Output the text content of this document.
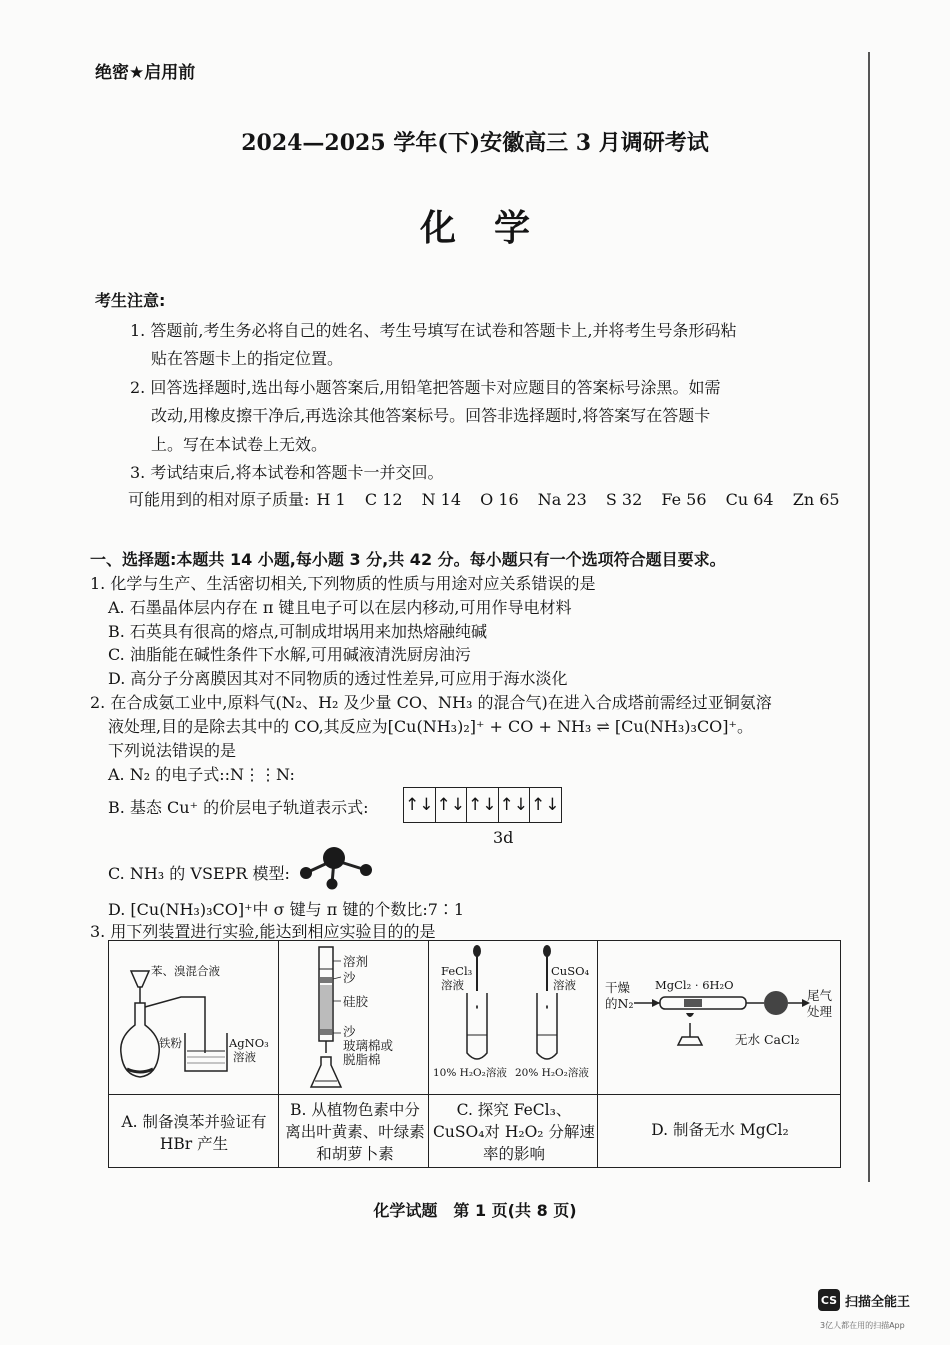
绝密★启用前
2024—2025 学年(下)安徽高三 3 月调研考试
化学
考生注意:
1. 答题前,考生务必将自己的姓名、考生号填写在试卷和答题卡上,并将考生号条形码粘
贴在答题卡上的指定位置。
2. 回答选择题时,选出每小题答案后,用铅笔把答题卡对应题目的答案标号涂黑。如需
改动,用橡皮擦干净后,再选涂其他答案标号。回答非选择题时,将答案写在答题卡
上。写在本试卷上无效。
3. 考试结束后,将本试卷和答题卡一并交回。
可能用到的相对原子质量: H 1 C 12 N 14 O 16 Na 23 S 32 Fe 56 Cu 64 Zn 65
一、选择题:本题共 14 小题,每小题 3 分,共 42 分。每小题只有一个选项符合题目要求。
1. 化学与生产、生活密切相关,下列物质的性质与用途对应关系错误的是
A. 石墨晶体层内存在 π 键且电子可以在层内移动,可用作导电材料
B. 石英具有很高的熔点,可制成坩埚用来加热熔融纯碱
C. 油脂能在碱性条件下水解,可用碱液清洗厨房油污
D. 高分子分离膜因其对不同物质的透过性差异,可应用于海水淡化
2. 在合成氨工业中,原料气(N₂、H₂ 及少量 CO、NH₃ 的混合气)在进入合成塔前需经过亚铜氨溶
液处理,目的是除去其中的 CO,其反应为[Cu(NH₃)₂]⁺ + CO + NH₃ ⇌ [Cu(NH₃)₃CO]⁺。
下列说法错误的是
A. N₂ 的电子式::N⋮⋮N:
B. 基态 Cu⁺ 的价层电子轨道表示式: ↑↓ ↑↓ ↑↓ ↑↓ ↑↓
3d
C. NH₃ 的 VSEPR 模型:
D. [Cu(NH₃)₃CO]⁺中 σ 键与 π 键的个数比:7∶1
3. 用下列装置进行实验,能达到相应实验目的的是
苯、溴混合液
铁粉	AgNO₃
溶液
溶剂
沙
硅胶
沙
玻璃棉或
脱脂棉
FeCl₃
溶液
CuSO₄
溶液
10% H₂O₂溶液 20% H₂O₂溶液
干燥
的N₂
MgCl₂ · 6H₂O
尾气
处理
无水 CaCl₂
A. 制备溴苯并验证有 HBr 产生
B. 从植物色素中分离出叶黄素、叶绿素和胡萝卜素
C. 探究 FeCl₃、CuSO₄对 H₂O₂ 分解速率的影响
D. 制备无水 MgCl₂
化学试题　第 1 页(共 8 页)
CS 扫描全能王
3亿人都在用的扫描App
